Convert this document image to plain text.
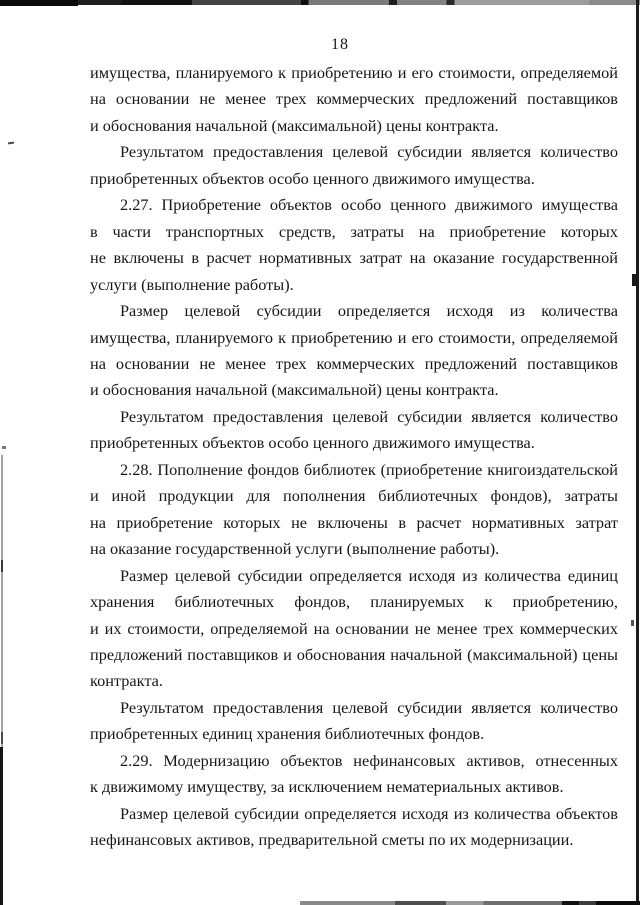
18
имущества, планируемого к приобретению и его стоимости, определяемой
на основании не менее трех коммерческих предложений поставщиков
и обоснования начальной (максимальной) цены контракта.
Результатом предоставления целевой субсидии является количество
приобретенных объектов особо ценного движимого имущества.
2.27. Приобретение объектов особо ценного движимого имущества
в части транспортных средств, затраты на приобретение которых
не включены в расчет нормативных затрат на оказание государственной
услуги (выполнение работы).
Размер целевой субсидии определяется исходя из количества
имущества, планируемого к приобретению и его стоимости, определяемой
на основании не менее трех коммерческих предложений поставщиков
и обоснования начальной (максимальной) цены контракта.
Результатом предоставления целевой субсидии является количество
приобретенных объектов особо ценного движимого имущества.
2.28. Пополнение фондов библиотек (приобретение книгоиздательской
и иной продукции для пополнения библиотечных фондов), затраты
на приобретение которых не включены в расчет нормативных затрат
на оказание государственной услуги (выполнение работы).
Размер целевой субсидии определяется исходя из количества единиц
хранения библиотечных фондов, планируемых к приобретению,
и их стоимости, определяемой на основании не менее трех коммерческих
предложений поставщиков и обоснования начальной (максимальной) цены
контракта.
Результатом предоставления целевой субсидии является количество
приобретенных единиц хранения библиотечных фондов.
2.29. Модернизацию объектов нефинансовых активов, отнесенных
к движимому имуществу, за исключением нематериальных активов.
Размер целевой субсидии определяется исходя из количества объектов
нефинансовых активов, предварительной сметы по их модернизации.
